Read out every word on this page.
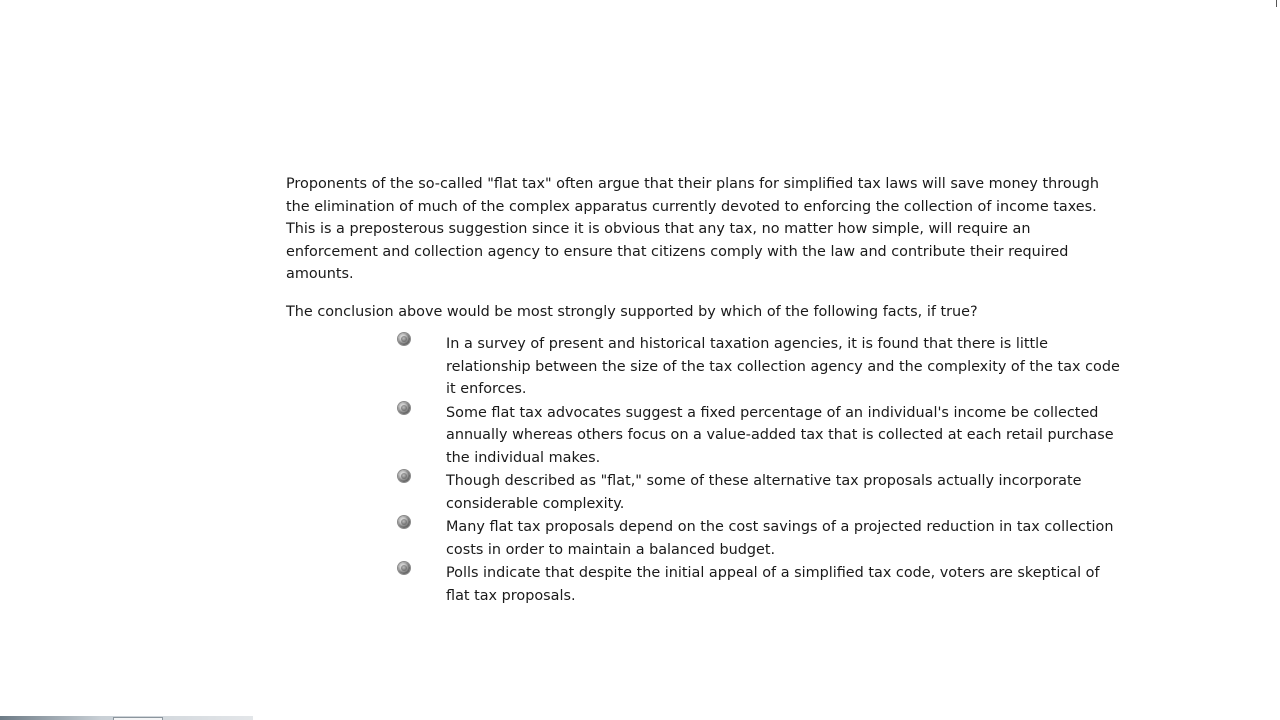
Proponents of the so-called "flat tax" often argue that their plans for simplified tax laws will save money through the elimination of much of the complex apparatus currently devoted to enforcing the collection of income taxes. This is a preposterous suggestion since it is obvious that any tax, no matter how simple, will require an enforcement and collection agency to ensure that citizens comply with the law and contribute their required amounts.

The conclusion above would be most strongly supported by which of the following facts, if true?

In a survey of present and historical taxation agencies, it is found that there is little relationship between the size of the tax collection agency and the complexity of the tax code it enforces.
Some flat tax advocates suggest a fixed percentage of an individual's income be collected annually whereas others focus on a value-added tax that is collected at each retail purchase the individual makes.
Though described as "flat," some of these alternative tax proposals actually incorporate considerable complexity.
Many flat tax proposals depend on the cost savings of a projected reduction in tax collection costs in order to maintain a balanced budget.
Polls indicate that despite the initial appeal of a simplified tax code, voters are skeptical of flat tax proposals.
